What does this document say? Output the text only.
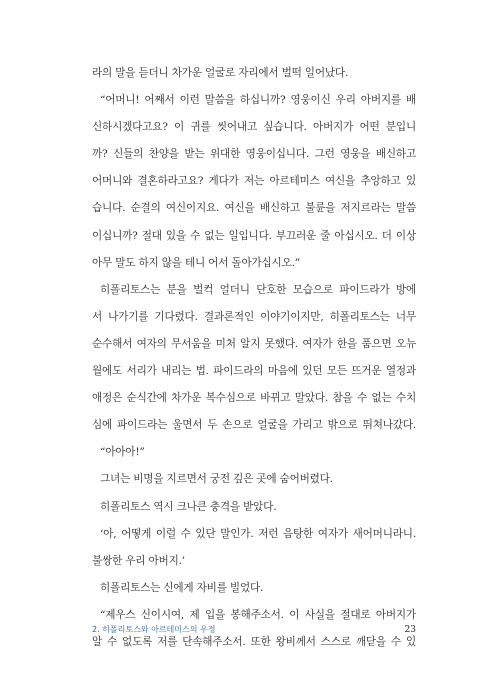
라의 말을 듣더니 차가운 얼굴로 자리에서 벌떡 일어났다.
“어머니! 어째서 이런 말씀을 하십니까? 영웅이신 우리 아버지를 배
신하시겠다고요? 이 귀를 씻어내고 싶습니다. 아버지가 어떤 분입니
까? 신들의 찬양을 받는 위대한 영웅이십니다. 그런 영웅을 배신하고
어머니와 결혼하라고요? 게다가 저는 아르테미스 여신을 추앙하고 있
습니다. 순결의 여신이지요. 여신을 배신하고 불륜을 저지르라는 말씀
이십니까? 절대 있을 수 없는 일입니다. 부끄러운 줄 아십시오. 더 이상
아무 말도 하지 않을 테니 어서 돌아가십시오.”
히폴리토스는 분을 벌컥 얼더니 단호한 모습으로 파이드라가 방에
서 나가기를 기다렸다. 결과론적인 이야기이지만, 히폴리토스는 너무
순수해서 여자의 무서움을 미처 알지 못했다. 여자가 한을 품으면 오뉴
월에도 서리가 내리는 법. 파이드라의 마음에 있던 모든 뜨거운 열정과
애정은 순식간에 차가운 복수심으로 바뀌고 말았다. 참을 수 없는 수치
심에 파이드라는 울면서 두 손으로 얼굴을 가리고 밖으로 뛰쳐나갔다.
“아아아!”
그녀는 비명을 지르면서 궁전 깊은 곳에 숨어버렸다.
히폴리토스 역시 크나큰 충격을 받았다.
‘아, 어떻게 이럴 수 있단 말인가. 저런 음탕한 여자가 새어머니라니.
불쌍한 우리 아버지.’
히폴리토스는 신에게 자비를 빌었다.
“제우스 신이시여, 제 입을 봉해주소서. 이 사실을 절대로 아버지가
알 수 없도록 저를 단속해주소서. 또한 왕비께서 스스로 깨닫을 수 있
2. 히폴리토스와 아르테미스의 우정	23
